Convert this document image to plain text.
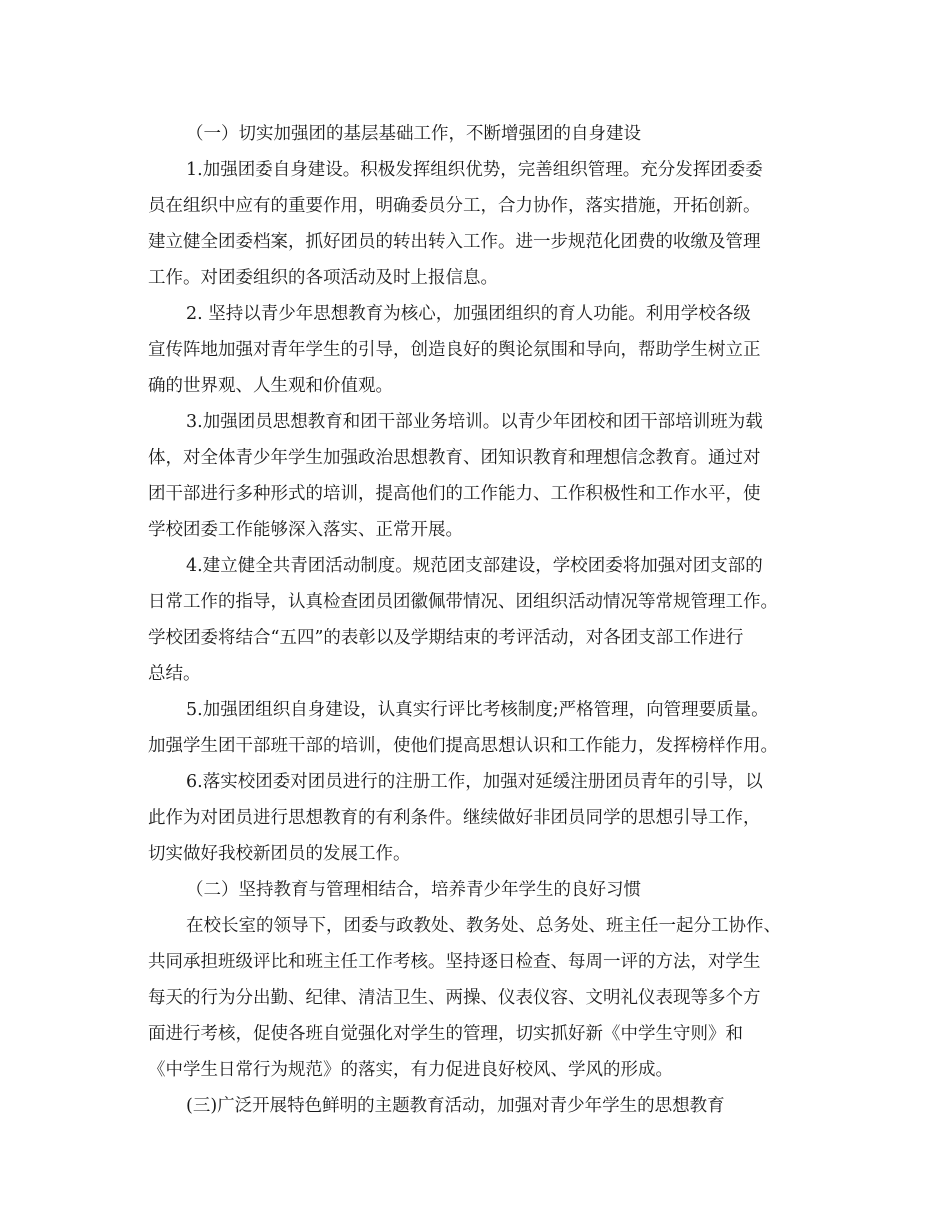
（一）切实加强团的基层基础工作，不断增强团的自身建设
1.加强团委自身建设。积极发挥组织优势，完善组织管理。充分发挥团委委
员在组织中应有的重要作用，明确委员分工，合力协作，落实措施，开拓创新。
建立健全团委档案，抓好团员的转出转入工作。进一步规范化团费的收缴及管理
工作。对团委组织的各项活动及时上报信息。
2. 坚持以青少年思想教育为核心，加强团组织的育人功能。利用学校各级
宣传阵地加强对青年学生的引导，创造良好的舆论氛围和导向，帮助学生树立正
确的世界观、人生观和价值观。
3.加强团员思想教育和团干部业务培训。以青少年团校和团干部培训班为载
体，对全体青少年学生加强政治思想教育、团知识教育和理想信念教育。通过对
团干部进行多种形式的培训，提高他们的工作能力、工作积极性和工作水平，使
学校团委工作能够深入落实、正常开展。
4.建立健全共青团活动制度。规范团支部建设，学校团委将加强对团支部的
日常工作的指导，认真检查团员团徽佩带情况、团组织活动情况等常规管理工作。
学校团委将结合“五四”的表彰以及学期结束的考评活动，对各团支部工作进行
总结。
5.加强团组织自身建设，认真实行评比考核制度;严格管理，向管理要质量。
加强学生团干部班干部的培训，使他们提高思想认识和工作能力，发挥榜样作用。
6.落实校团委对团员进行的注册工作，加强对延缓注册团员青年的引导，以
此作为对团员进行思想教育的有利条件。继续做好非团员同学的思想引导工作，
切实做好我校新团员的发展工作。
（二）坚持教育与管理相结合，培养青少年学生的良好习惯
在校长室的领导下，团委与政教处、教务处、总务处、班主任一起分工协作、
共同承担班级评比和班主任工作考核。坚持逐日检查、每周一评的方法，对学生
每天的行为分出勤、纪律、清洁卫生、两操、仪表仪容、文明礼仪表现等多个方
面进行考核，促使各班自觉强化对学生的管理，切实抓好新《中学生守则》和
《中学生日常行为规范》的落实，有力促进良好校风、学风的形成。
(三)广泛开展特色鲜明的主题教育活动，加强对青少年学生的思想教育
